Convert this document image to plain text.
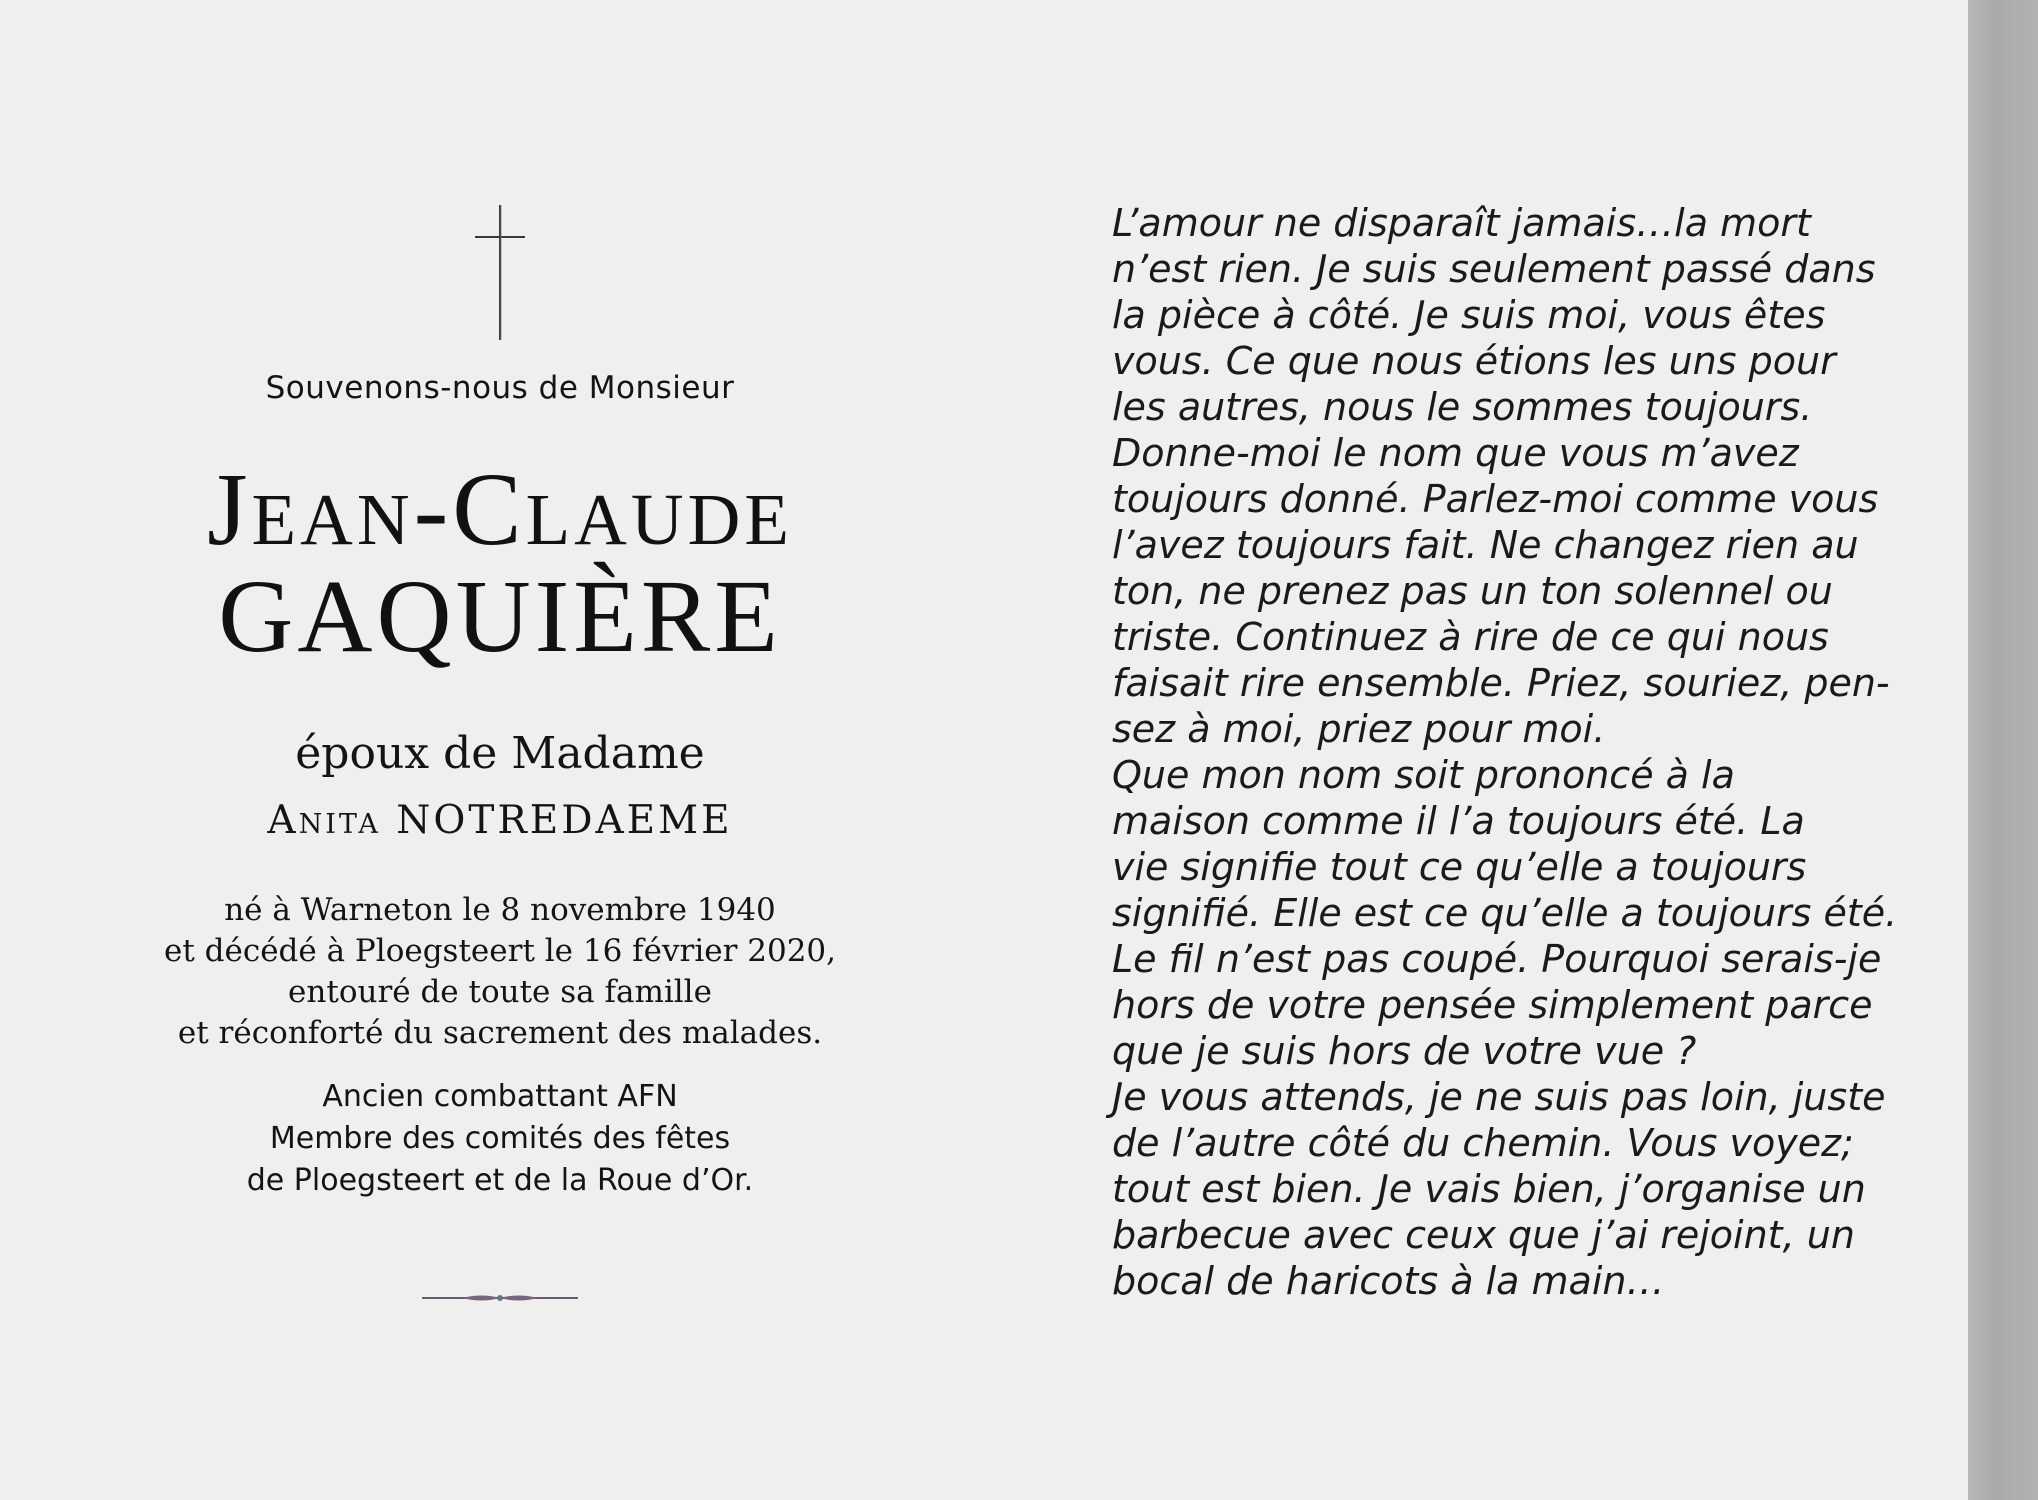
Souvenons-nous de Monsieur
Jean-Claude
GAQUIÈRE
époux de Madame
Anita NOTREDAEME
né à Warneton le 8 novembre 1940
et décédé à Ploegsteert le 16 février 2020,
entouré de toute sa famille
et réconforté du sacrement des malades.
Ancien combattant AFN
Membre des comités des fêtes
de Ploegsteert et de la Roue d’Or.
L’amour ne disparaît jamais…la mort
n’est rien. Je suis seulement passé dans
la pièce à côté. Je suis moi, vous êtes
vous. Ce que nous étions les uns pour
les autres, nous le sommes toujours.
Donne-moi le nom que vous m’avez
toujours donné. Parlez-moi comme vous
l’avez toujours fait. Ne changez rien au
ton, ne prenez pas un ton solennel ou
triste. Continuez à rire de ce qui nous
faisait rire ensemble. Priez, souriez, pen-
sez à moi, priez pour moi.
Que mon nom soit prononcé à la
maison comme il l’a toujours été. La
vie signifie tout ce qu’elle a toujours
signifié. Elle est ce qu’elle a toujours été.
Le fil n’est pas coupé. Pourquoi serais-je
hors de votre pensée simplement parce
que je suis hors de votre vue ?
Je vous attends, je ne suis pas loin, juste
de l’autre côté du chemin. Vous voyez;
tout est bien. Je vais bien, j’organise un
barbecue avec ceux que j’ai rejoint, un
bocal de haricots à la main…
